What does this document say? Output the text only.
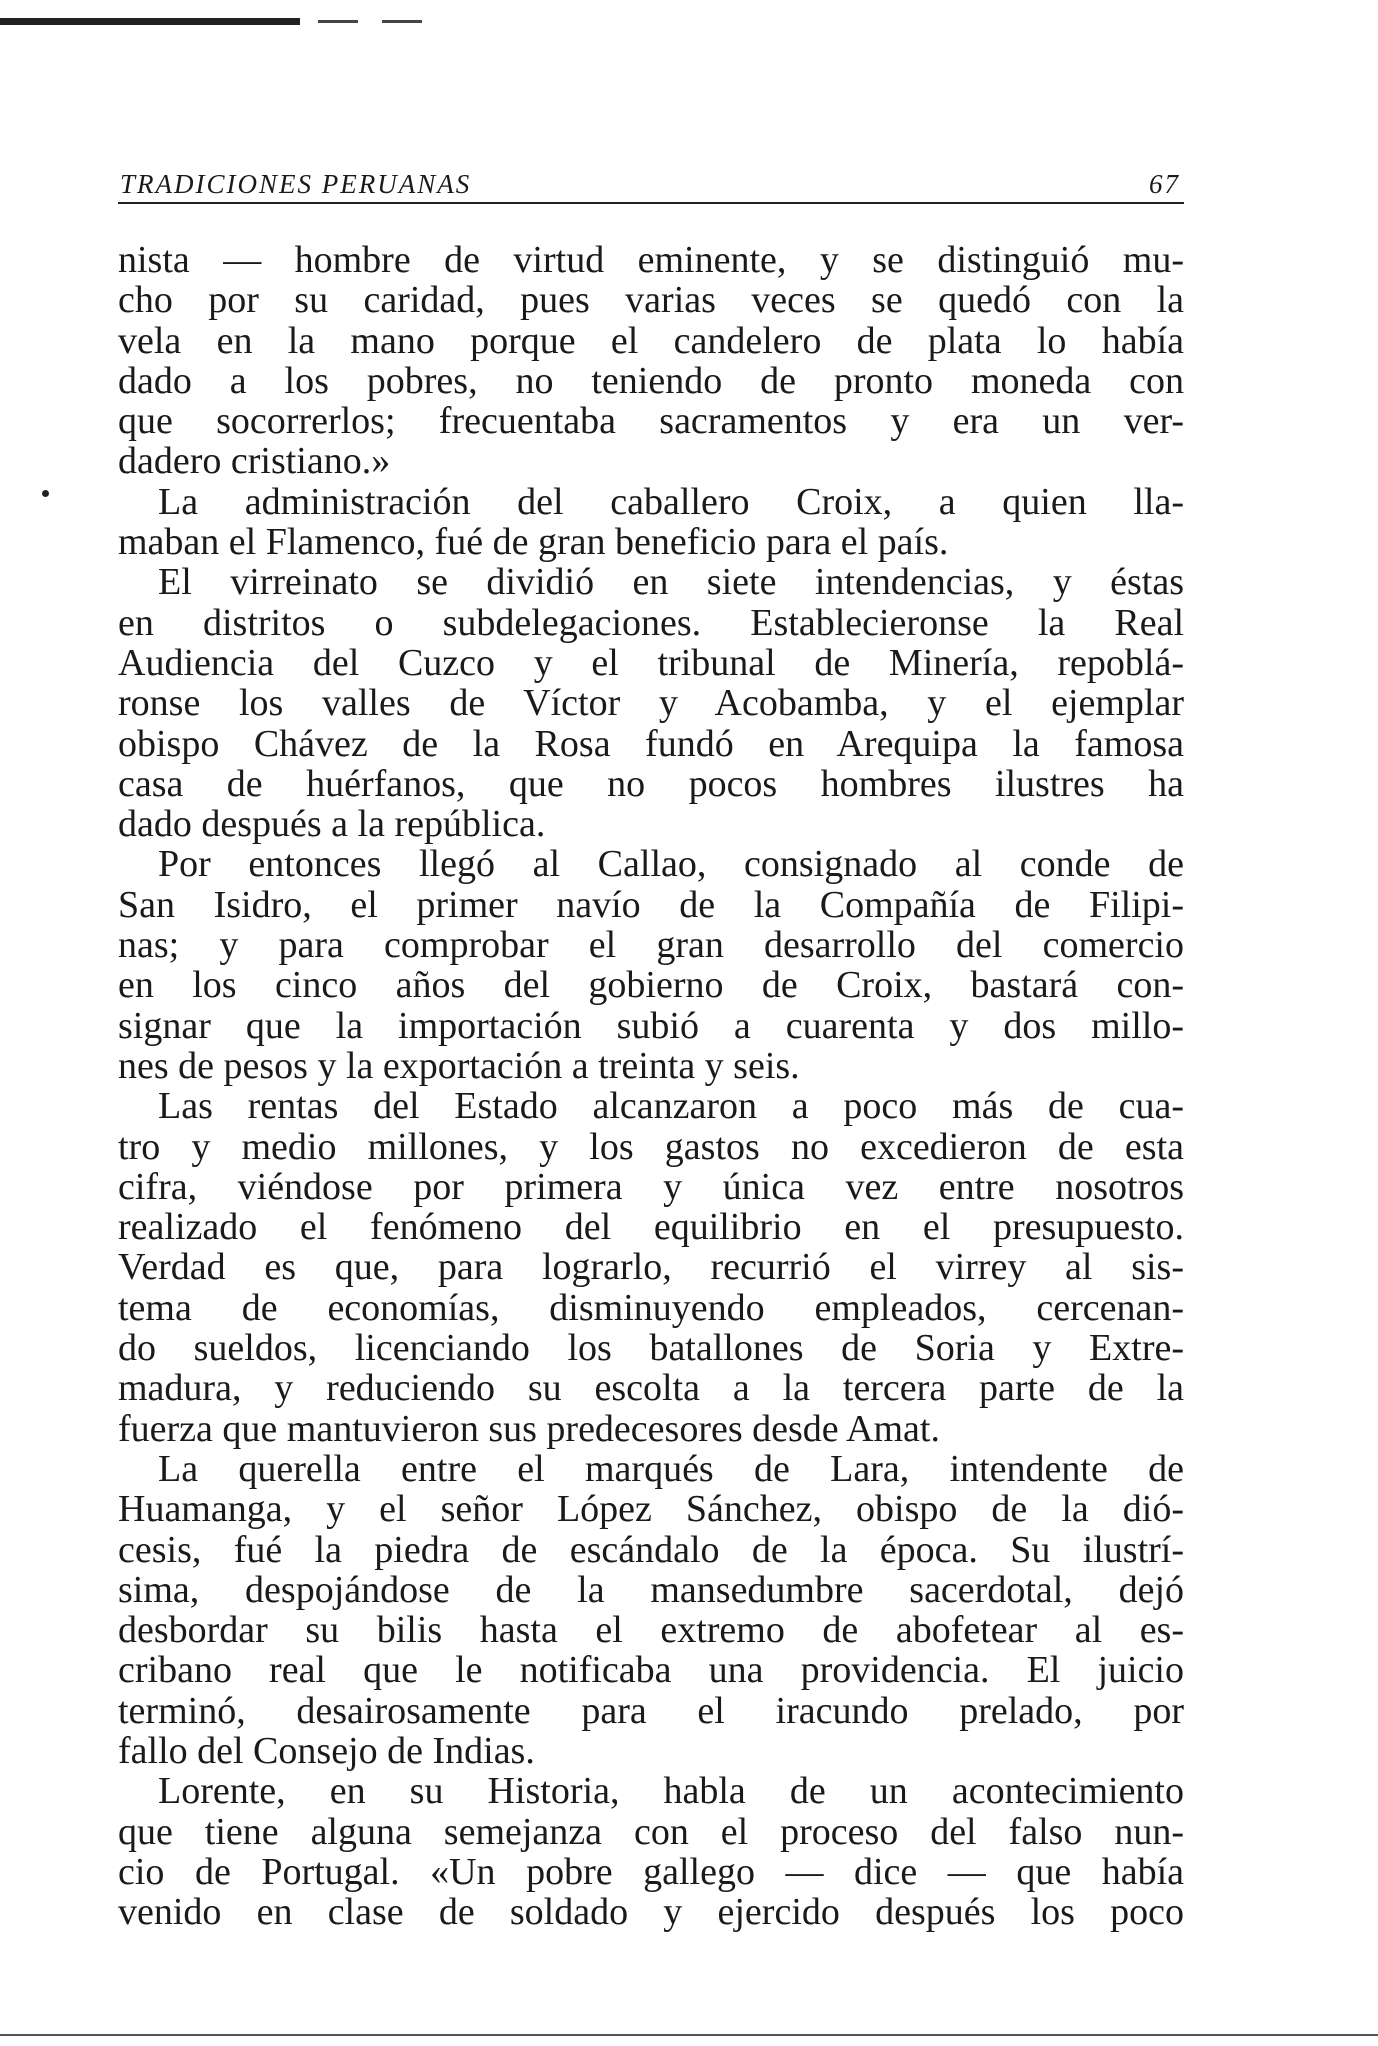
TRADICIONES PERUANAS	67
nista — hombre de virtud eminente, y se distinguió mu-
cho por su caridad, pues varias veces se quedó con la
vela en la mano porque el candelero de plata lo había
dado a los pobres, no teniendo de pronto moneda con
que socorrerlos; frecuentaba sacramentos y era un ver-
dadero cristiano.»
La administración del caballero Croix, a quien lla-
maban el Flamenco, fué de gran beneficio para el país.
El virreinato se dividió en siete intendencias, y éstas
en distritos o subdelegaciones. Establecieronse la Real
Audiencia del Cuzco y el tribunal de Minería, repoblá-
ronse los valles de Víctor y Acobamba, y el ejemplar
obispo Chávez de la Rosa fundó en Arequipa la famosa
casa de huérfanos, que no pocos hombres ilustres ha
dado después a la república.
Por entonces llegó al Callao, consignado al conde de
San Isidro, el primer navío de la Compañía de Filipi-
nas; y para comprobar el gran desarrollo del comercio
en los cinco años del gobierno de Croix, bastará con-
signar que la importación subió a cuarenta y dos millo-
nes de pesos y la exportación a treinta y seis.
Las rentas del Estado alcanzaron a poco más de cua-
tro y medio millones, y los gastos no excedieron de esta
cifra, viéndose por primera y única vez entre nosotros
realizado el fenómeno del equilibrio en el presupuesto.
Verdad es que, para lograrlo, recurrió el virrey al sis-
tema de economías, disminuyendo empleados, cercenan-
do sueldos, licenciando los batallones de Soria y Extre-
madura, y reduciendo su escolta a la tercera parte de la
fuerza que mantuvieron sus predecesores desde Amat.
La querella entre el marqués de Lara, intendente de
Huamanga, y el señor López Sánchez, obispo de la dió-
cesis, fué la piedra de escándalo de la época. Su ilustrí-
sima, despojándose de la mansedumbre sacerdotal, dejó
desbordar su bilis hasta el extremo de abofetear al es-
cribano real que le notificaba una providencia. El juicio
terminó, desairosamente para el iracundo prelado, por
fallo del Consejo de Indias.
Lorente, en su Historia, habla de un acontecimiento
que tiene alguna semejanza con el proceso del falso nun-
cio de Portugal. «Un pobre gallego — dice — que había
venido en clase de soldado y ejercido después los poco
